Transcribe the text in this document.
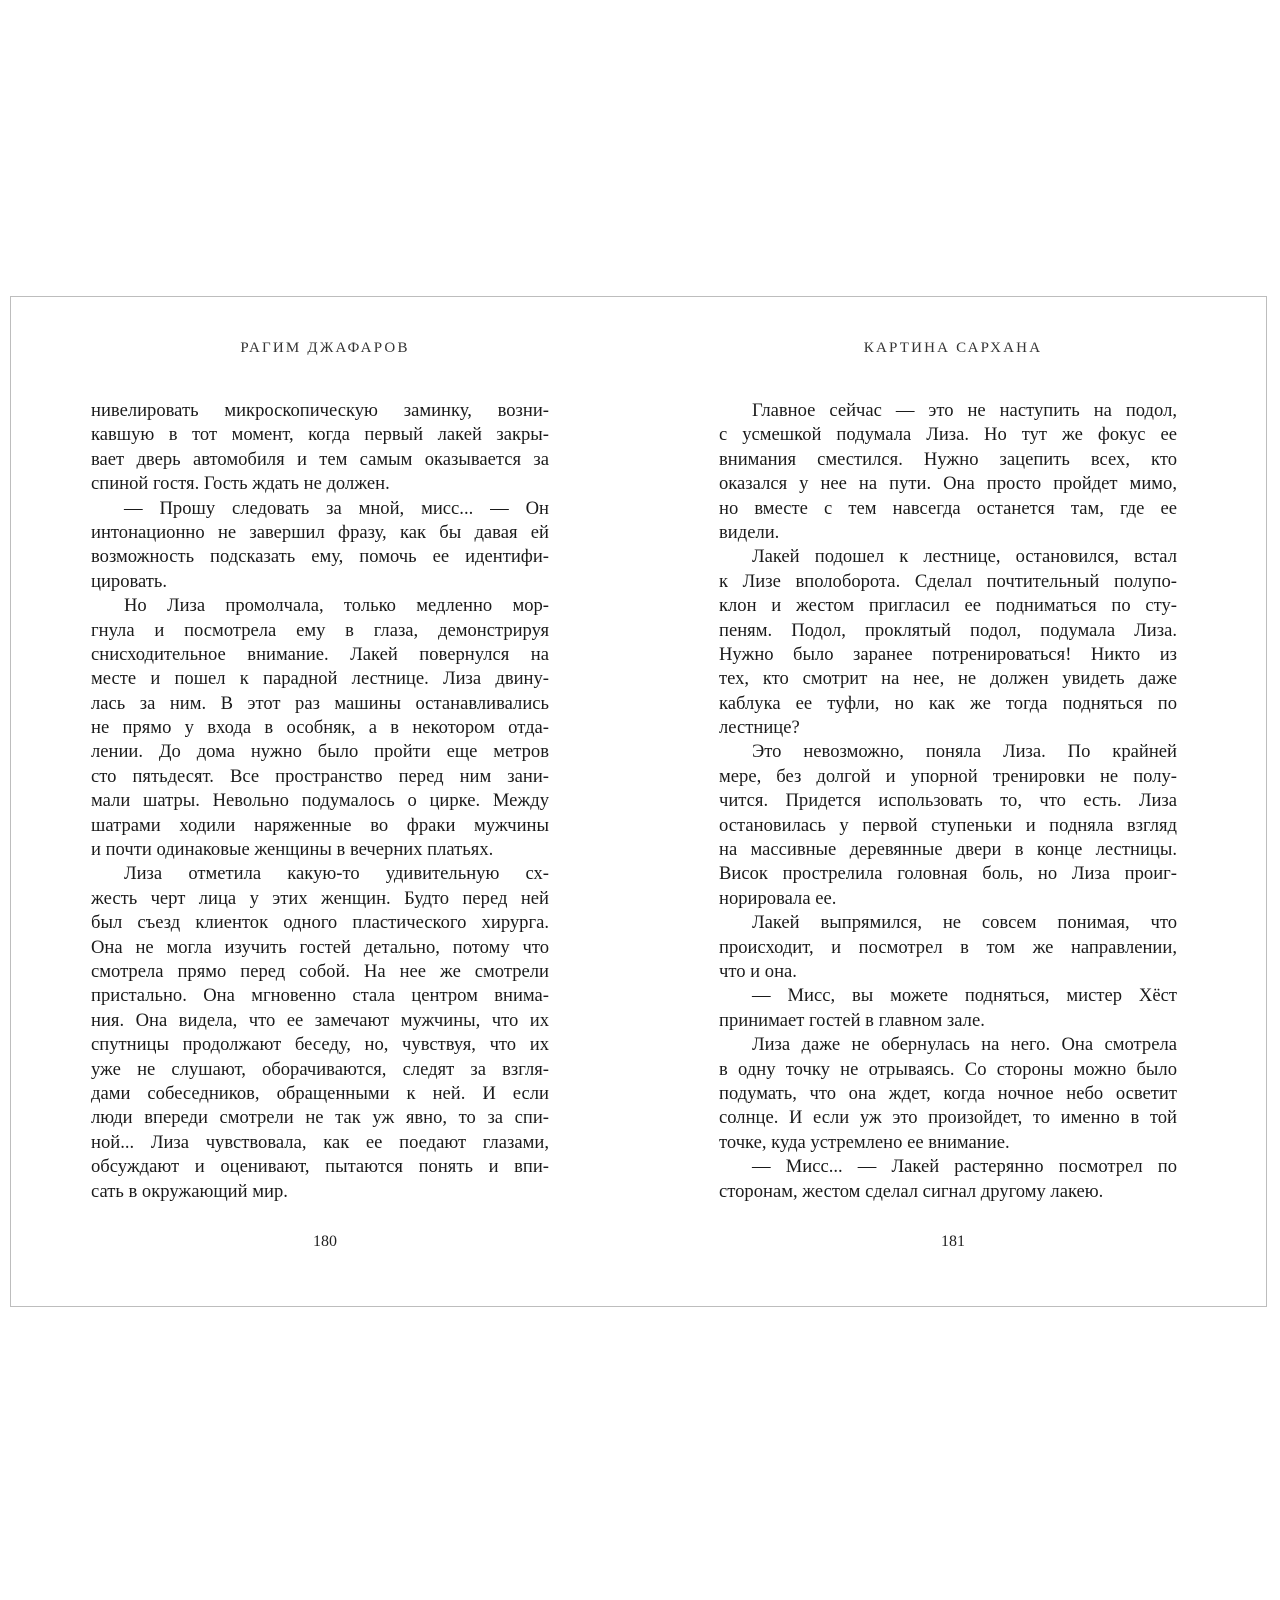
РАГИМ ДЖАФАРОВ
нивелировать микроскопическую заминку, возни-
кавшую в тот момент, когда первый лакей закры-
вает дверь автомобиля и тем самым оказывается за
спиной гостя. Гость ждать не должен.
— Прошу следовать за мной, мисс... — Он
интонационно не завершил фразу, как бы давая ей
возможность подсказать ему, помочь ее идентифи-
цировать.
Но Лиза промолчала, только медленно мор-
гнула и посмотрела ему в глаза, демонстрируя
снисходительное внимание. Лакей повернулся на
месте и пошел к парадной лестнице. Лиза двину-
лась за ним. В этот раз машины останавливались
не прямо у входа в особняк, а в некотором отда-
лении. До дома нужно было пройти еще метров
сто пятьдесят. Все пространство перед ним зани-
мали шатры. Невольно подумалось о цирке. Между
шатрами ходили наряженные во фраки мужчины
и почти одинаковые женщины в вечерних платьях.
Лиза отметила какую-то удивительную сх-
жесть черт лица у этих женщин. Будто перед ней
был съезд клиенток одного пластического хирурга.
Она не могла изучить гостей детально, потому что
смотрела прямо перед собой. На нее же смотрели
пристально. Она мгновенно стала центром внима-
ния. Она видела, что ее замечают мужчины, что их
спутницы продолжают беседу, но, чувствуя, что их
уже не слушают, оборачиваются, следят за взгля-
дами собеседников, обращенными к ней. И если
люди впереди смотрели не так уж явно, то за спи-
ной... Лиза чувствовала, как ее поедают глазами,
обсуждают и оценивают, пытаются понять и впи-
сать в окружающий мир.
180
КАРТИНА САРХАНА
Главное сейчас — это не наступить на подол,
с усмешкой подумала Лиза. Но тут же фокус ее
внимания сместился. Нужно зацепить всех, кто
оказался у нее на пути. Она просто пройдет мимо,
но вместе с тем навсегда останется там, где ее
видели.
Лакей подошел к лестнице, остановился, встал
к Лизе вполоборота. Сделал почтительный полупо-
клон и жестом пригласил ее подниматься по сту-
пеням. Подол, проклятый подол, подумала Лиза.
Нужно было заранее потренироваться! Никто из
тех, кто смотрит на нее, не должен увидеть даже
каблука ее туфли, но как же тогда подняться по
лестнице?
Это невозможно, поняла Лиза. По крайней
мере, без долгой и упорной тренировки не полу-
чится. Придется использовать то, что есть. Лиза
остановилась у первой ступеньки и подняла взгляд
на массивные деревянные двери в конце лестницы.
Висок прострелила головная боль, но Лиза проиг-
норировала ее.
Лакей выпрямился, не совсем понимая, что
происходит, и посмотрел в том же направлении,
что и она.
— Мисс, вы можете подняться, мистер Хёст
принимает гостей в главном зале.
Лиза даже не обернулась на него. Она смотрела
в одну точку не отрываясь. Со стороны можно было
подумать, что она ждет, когда ночное небо осветит
солнце. И если уж это произойдет, то именно в той
точке, куда устремлено ее внимание.
— Мисс... — Лакей растерянно посмотрел по
сторонам, жестом сделал сигнал другому лакею.
181
